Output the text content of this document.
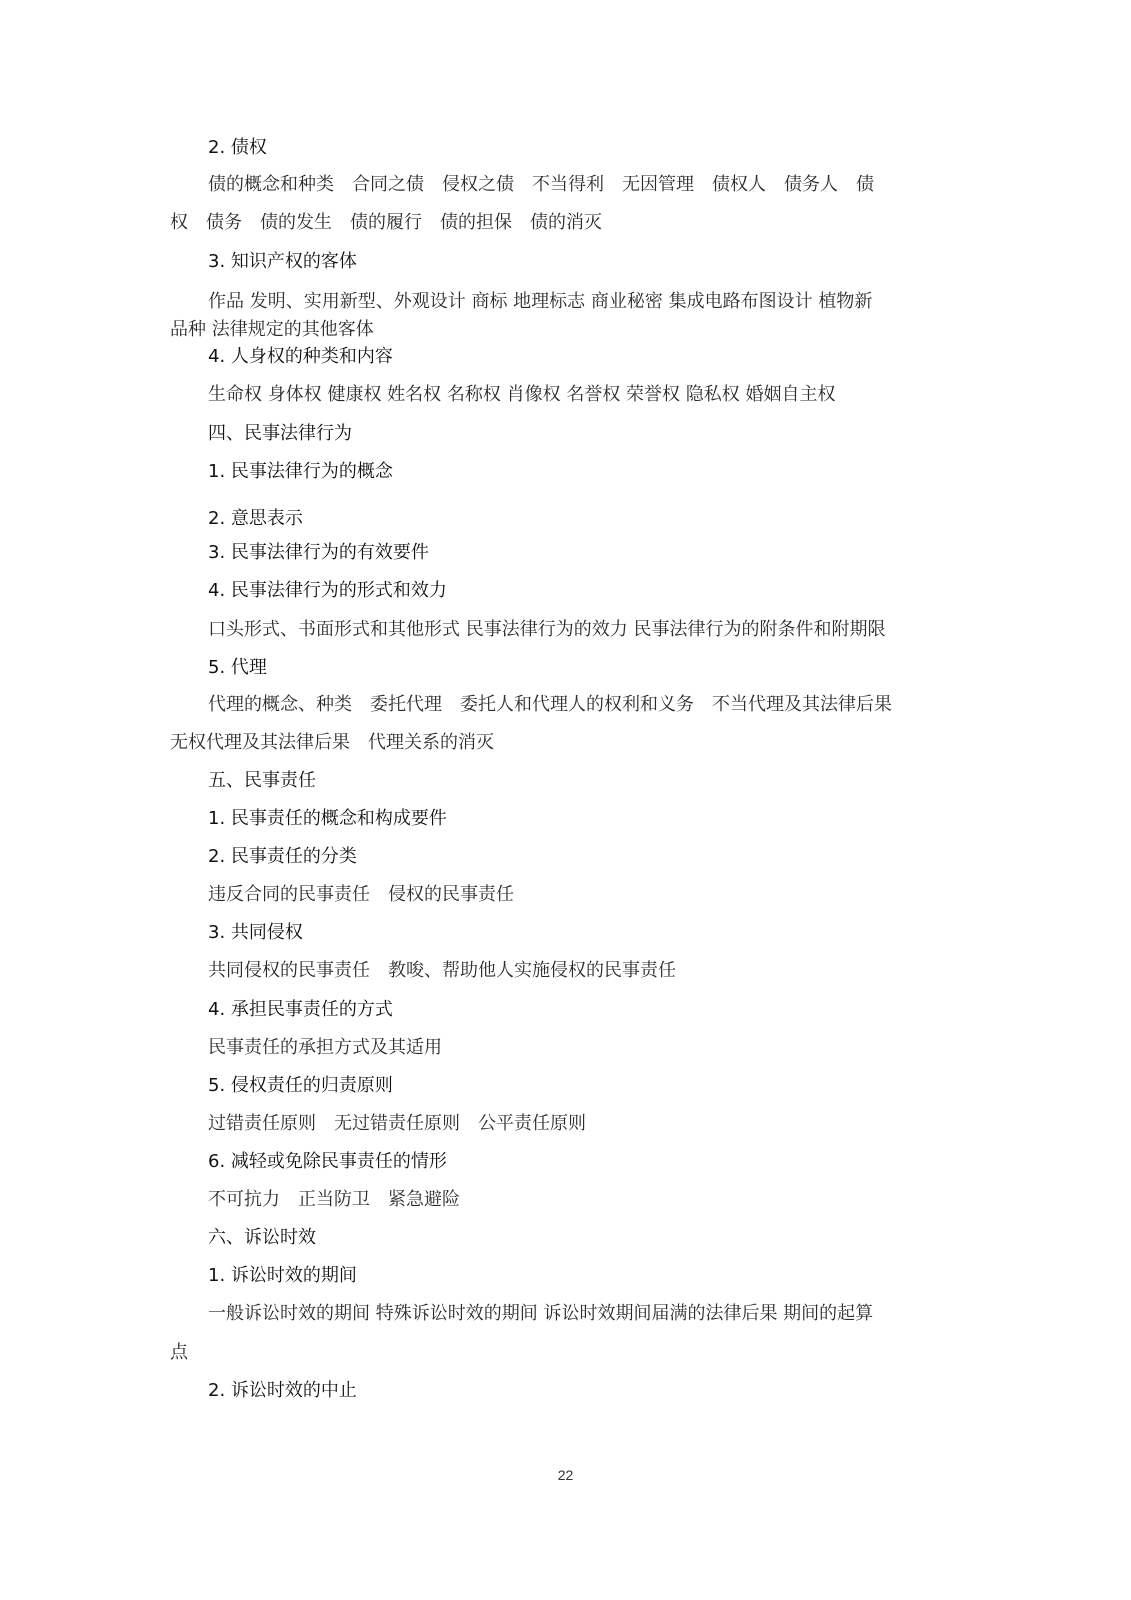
2. 债权
债的概念和种类　合同之债　侵权之债　不当得利　无因管理　债权人　债务人　债
权　债务　债的发生　债的履行　债的担保　债的消灭
3. 知识产权的客体
作品 发明、实用新型、外观设计 商标 地理标志 商业秘密 集成电路布图设计 植物新
品种 法律规定的其他客体
4. 人身权的种类和内容
生命权 身体权 健康权 姓名权 名称权 肖像权 名誉权 荣誉权 隐私权 婚姻自主权
四、民事法律行为
1. 民事法律行为的概念
2. 意思表示
3. 民事法律行为的有效要件
4. 民事法律行为的形式和效力
口头形式、书面形式和其他形式 民事法律行为的效力 民事法律行为的附条件和附期限
5. 代理
代理的概念、种类　委托代理　委托人和代理人的权利和义务　不当代理及其法律后果
无权代理及其法律后果　代理关系的消灭
五、民事责任
1. 民事责任的概念和构成要件
2. 民事责任的分类
违反合同的民事责任　侵权的民事责任
3. 共同侵权
共同侵权的民事责任　教唆、帮助他人实施侵权的民事责任
4. 承担民事责任的方式
民事责任的承担方式及其适用
5. 侵权责任的归责原则
过错责任原则　无过错责任原则　公平责任原则
6. 减轻或免除民事责任的情形
不可抗力　正当防卫　紧急避险
六、诉讼时效
1. 诉讼时效的期间
一般诉讼时效的期间 特殊诉讼时效的期间 诉讼时效期间届满的法律后果 期间的起算
点
2. 诉讼时效的中止
22
